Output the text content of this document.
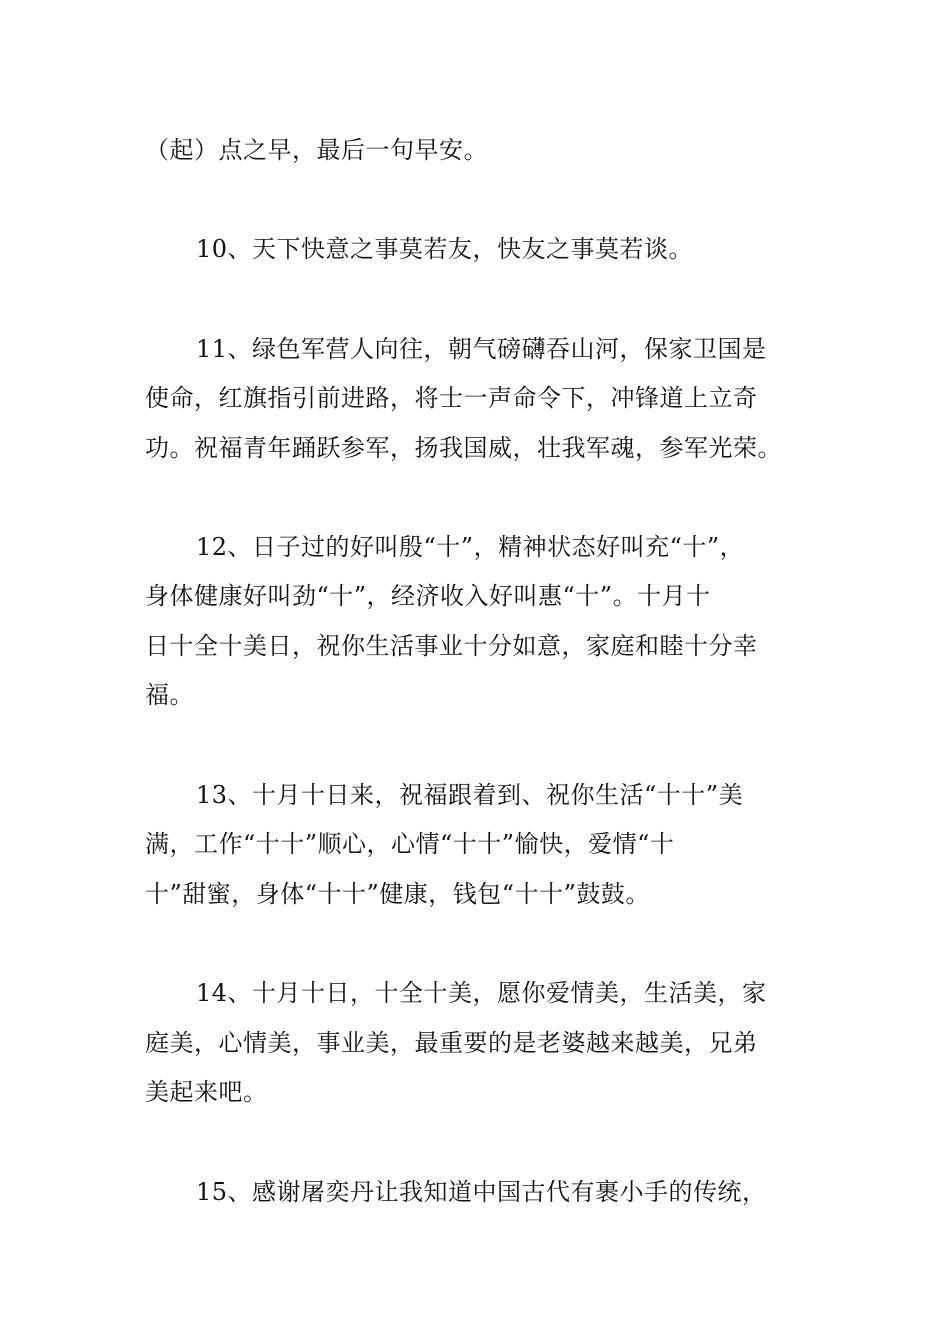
（起）点之早，最后一句早安。
10、天下快意之事莫若友，快友之事莫若谈。
11、绿色军营人向往，朝气磅礴吞山河，保家卫国是
使命，红旗指引前进路，将士一声命令下，冲锋道上立奇
功。祝福青年踊跃参军，扬我国威，壮我军魂，参军光荣。
12、日子过的好叫殷“十”，精神状态好叫充“十”，
身体健康好叫劲“十”，经济收入好叫惠“十”。十月十
日十全十美日，祝你生活事业十分如意，家庭和睦十分幸
福。
13、十月十日来，祝福跟着到、祝你生活“十十”美
满，工作“十十”顺心，心情“十十”愉快，爱情“十
十”甜蜜，身体“十十”健康，钱包“十十”鼓鼓。
14、十月十日，十全十美，愿你爱情美，生活美，家
庭美，心情美，事业美，最重要的是老婆越来越美，兄弟
美起来吧。
15、感谢屠奕丹让我知道中国古代有裹小手的传统，
